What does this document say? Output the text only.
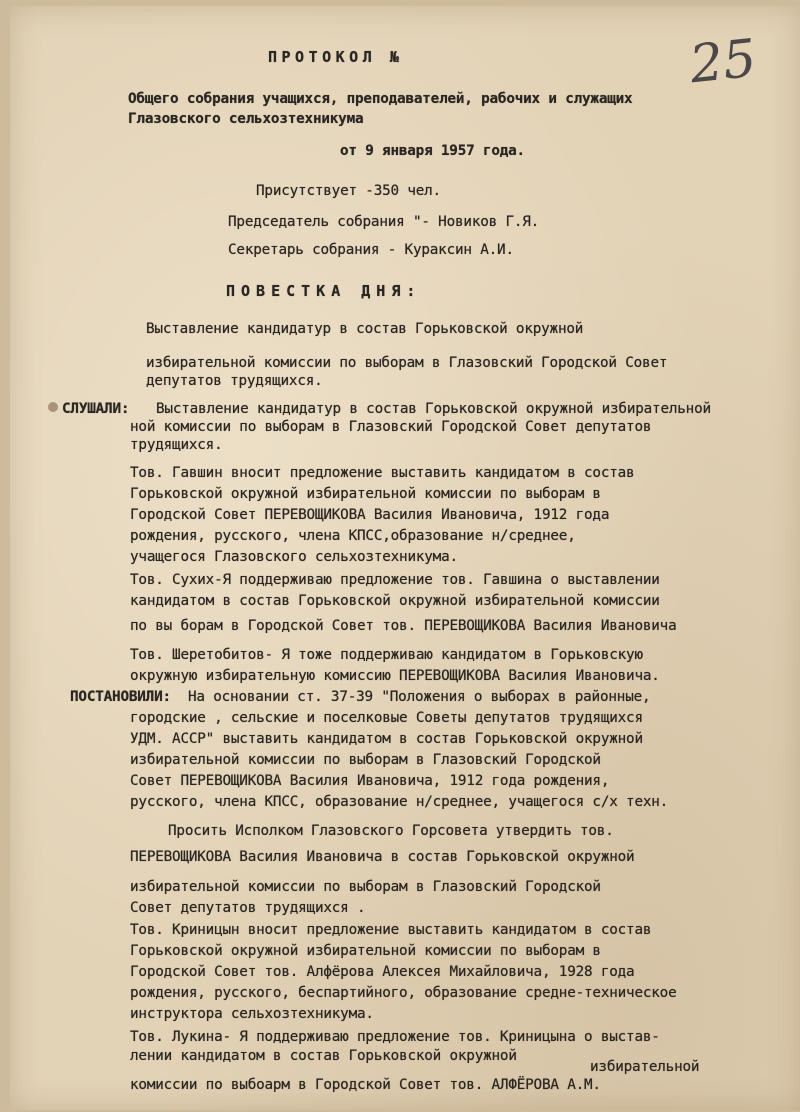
25
ПРОТОКОЛ №
Общего собрания учащихся, преподавателей, рабочих и служащих
Глазовского сельхозтехникума
от 9 января 1957 года.
Присутствует -350 чел.
Председатель собрания "- Новиков Г.Я.
Секретарь собрания - Кураксин А.И.
ПОВЕСТКА ДНЯ:
Выставление кандидатур в состав Горьковской окружной
избирательной комиссии по выборам в Глазовский Городской Совет
депутатов трудящихся.
СЛУШАЛИ: Выставление кандидатур в состав Горьковской окружной избирательной
ной комиссии по выборам в Глазовский Городской Совет депутатов
трудящихся.
Тов. Гавшин вносит предложение выставить кандидатом в состав
Горьковской окружной избирательной комиссии по выборам в
Городской Совет ПЕРЕВОЩИКОВА Василия Ивановича, 1912 года
рождения, русского, члена КПСС,образование н/среднее,
учащегося Глазовского сельхозтехникума.
Тов. Сухих-Я поддерживаю предложение тов. Гавшина о выставлении
кандидатом в состав Горьковской окружной избирательной комиссии
по вы борам в Городской Совет тов. ПЕРЕВОЩИКОВА Василия Ивановича
Тов. Шеретобитов- Я тоже поддерживаю кандидатом в Горьковскую
окружную избирательную комиссию ПЕРЕВОЩИКОВА Василия Ивановича.
ПОСТАНОВИЛИ: На основании ст. 37-39 "Положения о выборах в районные,
городские , сельские и поселковые Советы депутатов трудящихся
УДМ. АССР" выставить кандидатом в состав Горьковской окружной
избирательной комиссии по выборам в Глазовский Городской
Совет ПЕРЕВОЩИКОВА Василия Ивановича, 1912 года рождения,
русского, члена КПСС, образование н/среднее, учащегося с/х техн.
Просить Исполком Глазовского Горсовета утвердить тов.
ПЕРЕВОЩИКОВА Василия Ивановича в состав Горьковской окружной
избирательной комиссии по выборам в Глазовский Городской
Совет депутатов трудящихся .
Тов. Криницын вносит предложение выставить кандидатом в состав
Горьковской окружной избирательной комиссии по выборам в
Городской Совет тов. Алфёрова Алексея Михайловича, 1928 года
рождения, русского, беспартийного, образование средне-техническое
инструктора сельхозтехникума.
Тов. Лукина- Я поддерживаю предложение тов. Криницына о выстав-
лении кандидатом в состав Горьковской окружной
избирательной
комиссии по выбоарм в Городской Совет тов. АЛФЁРОВА А.М.
